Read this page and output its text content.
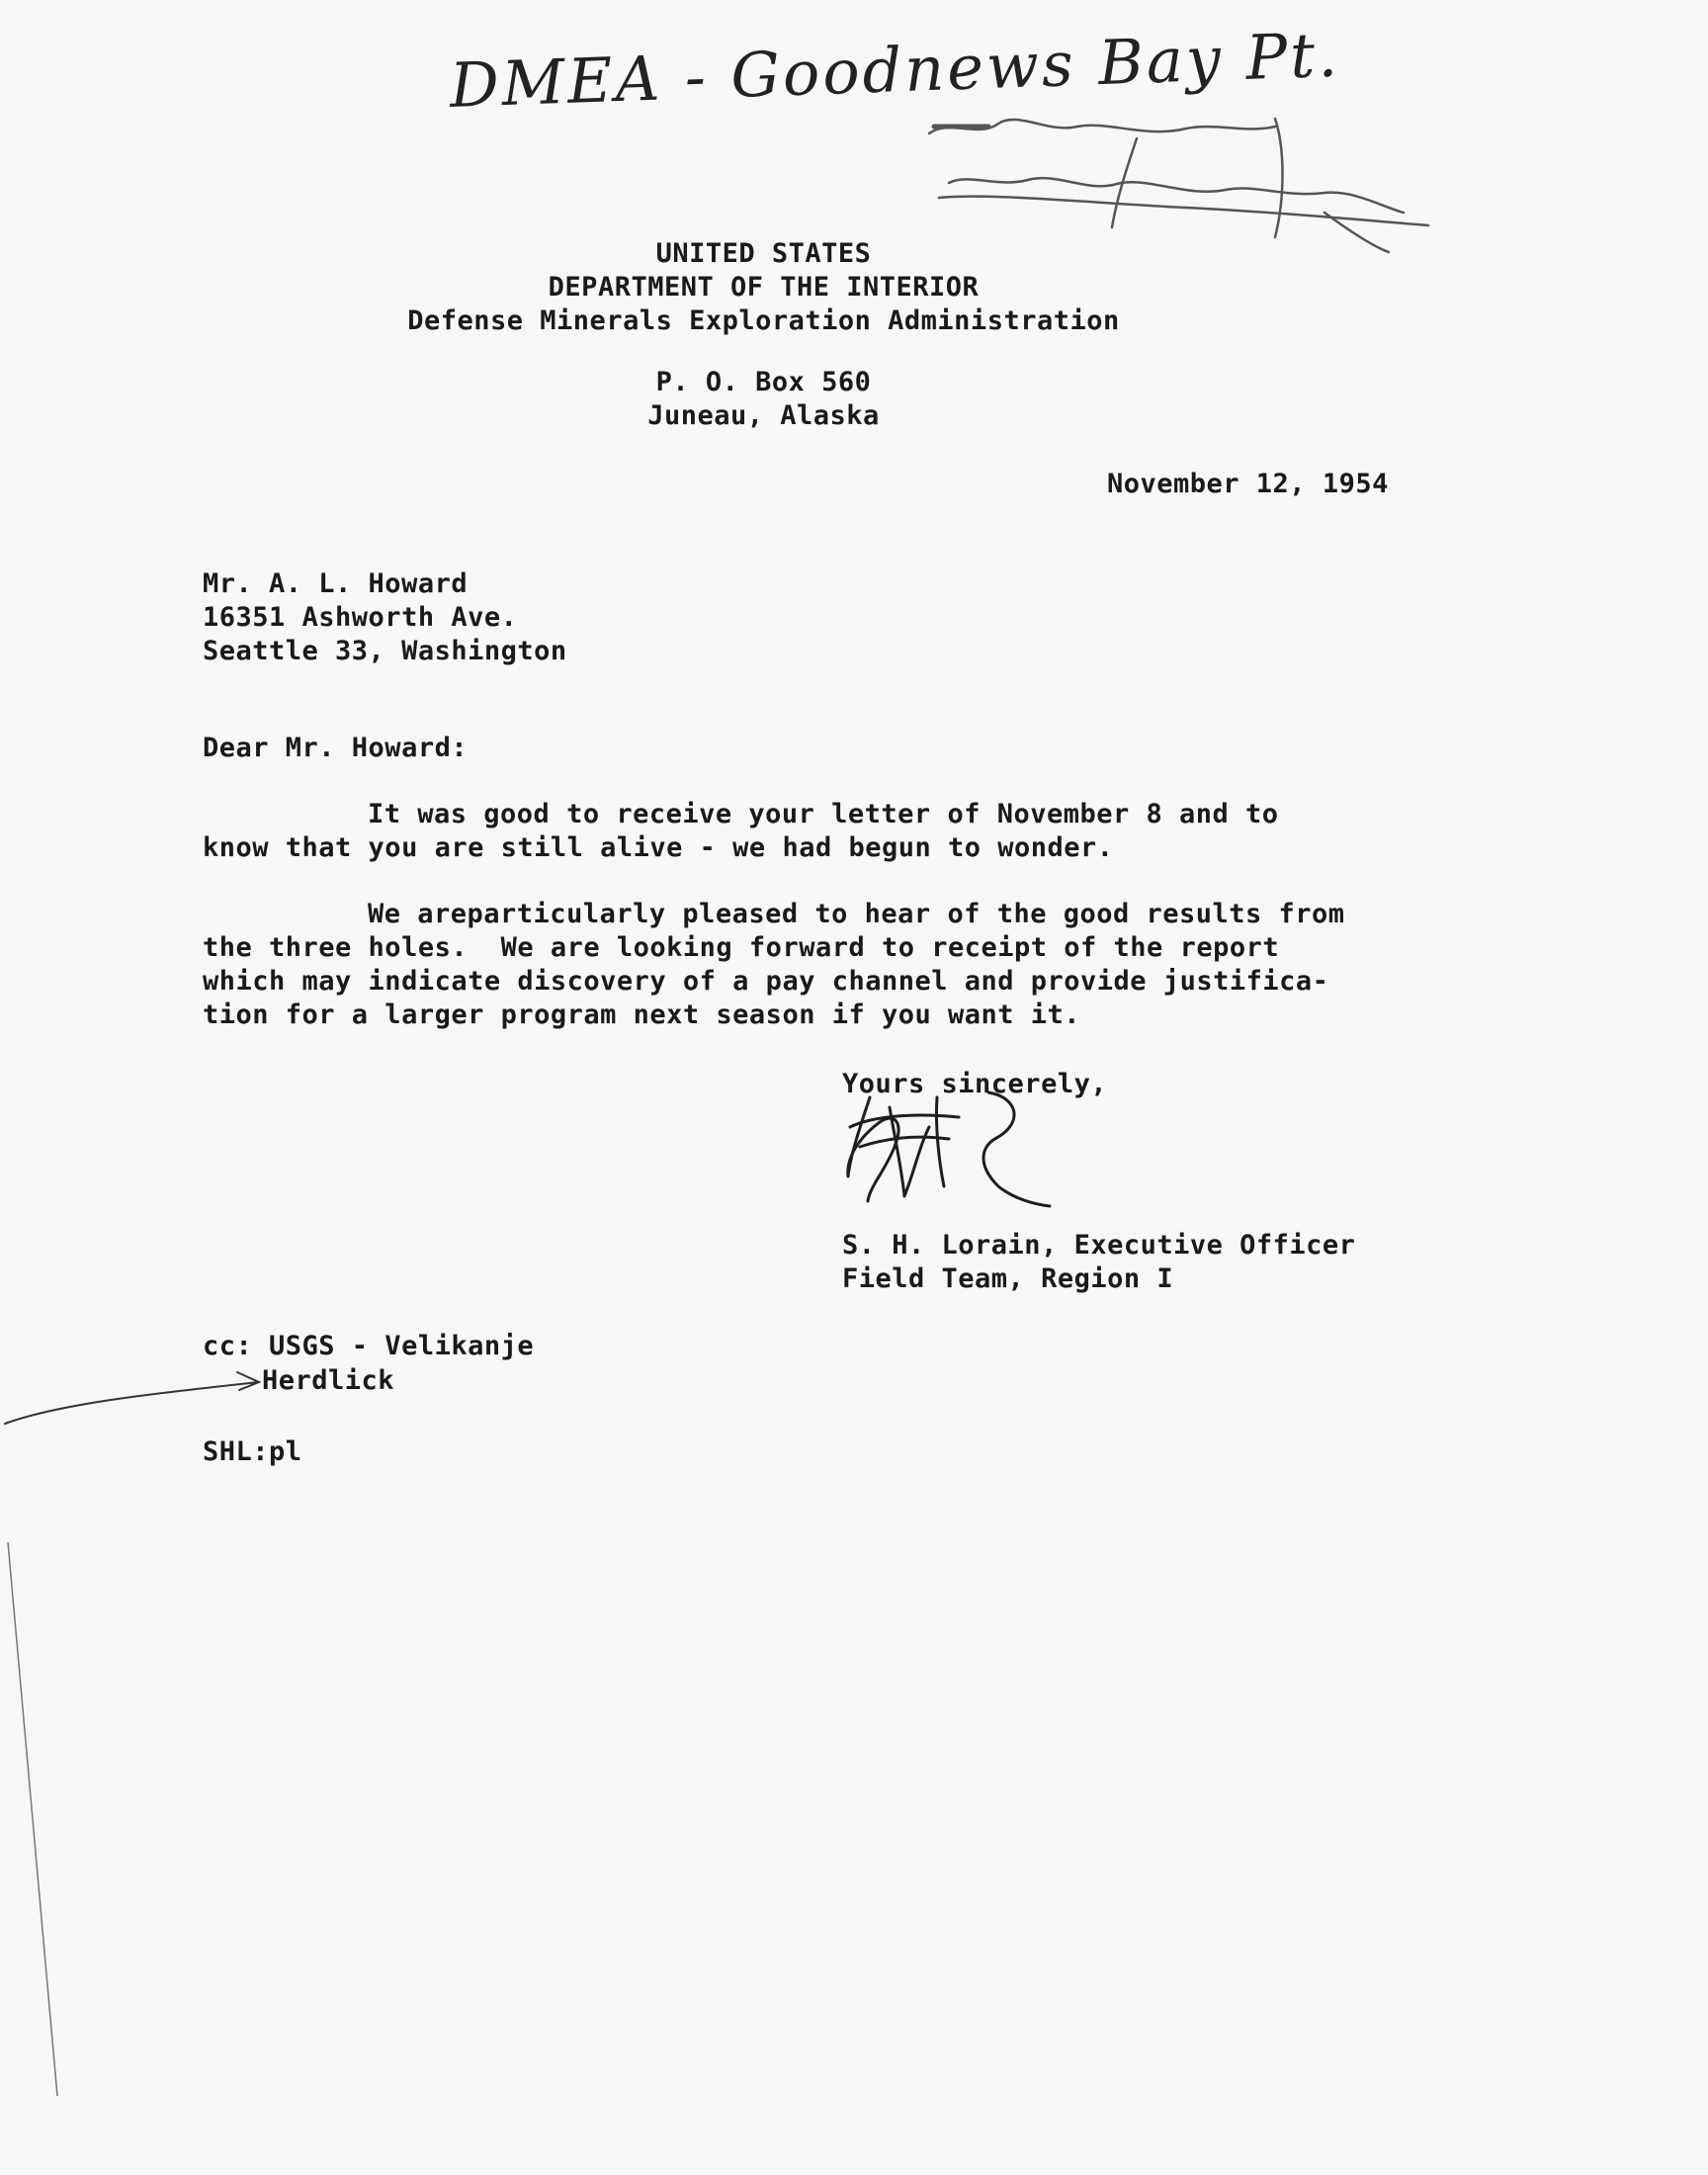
DMEA - Goodnews Bay Pt.
UNITED STATES
DEPARTMENT OF THE INTERIOR
Defense Minerals Exploration Administration
P. O. Box 560
Juneau, Alaska
November 12, 1954
Mr. A. L. Howard
16351 Ashworth Ave.
Seattle 33, Washington
Dear Mr. Howard:
It was good to receive your letter of November 8 and to
know that you are still alive - we had begun to wonder.
We areparticularly pleased to hear of the good results from
the three holes.  We are looking forward to receipt of the report
which may indicate discovery of a pay channel and provide justifica-
tion for a larger program next season if you want it.
Yours sincerely,
S. H. Lorain, Executive Officer
Field Team, Region I
cc: USGS - Velikanje
Herdlick
SHL:pl
